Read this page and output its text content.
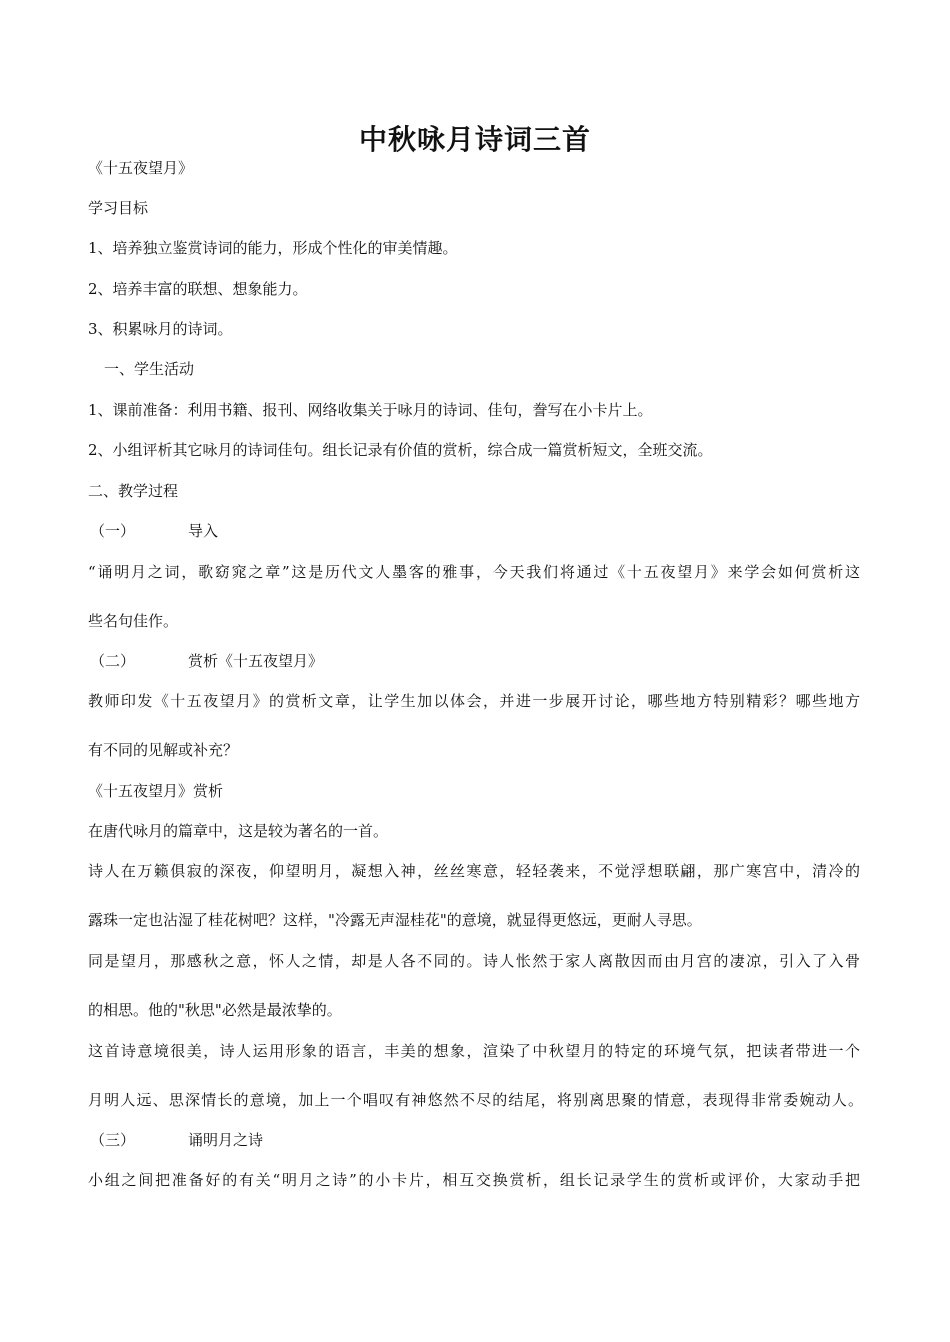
中秋咏月诗词三首
《十五夜望月》
学习目标
1、培养独立鉴赏诗词的能力，形成个性化的审美情趣。
2、培养丰富的联想、想象能力。
3、积累咏月的诗词。
一、学生活动
1、课前准备：利用书籍、报刊、网络收集关于咏月的诗词、佳句，誊写在小卡片上。
2、小组评析其它咏月的诗词佳句。组长记录有价值的赏析，综合成一篇赏析短文，全班交流。
二、教学过程
（一）	导入
“诵明月之词，歌窈窕之章”这是历代文人墨客的雅事，今天我们将通过《十五夜望月》来学会如何赏析这
些名句佳作。
（二）	赏析《十五夜望月》
教师印发《十五夜望月》的赏析文章，让学生加以体会，并进一步展开讨论，哪些地方特别精彩？哪些地方
有不同的见解或补充？
《十五夜望月》赏析
在唐代咏月的篇章中，这是较为著名的一首。
诗人在万籁俱寂的深夜，仰望明月，凝想入神，丝丝寒意，轻轻袭来，不觉浮想联翩，那广寒宫中，清冷的
露珠一定也沾湿了桂花树吧？这样，"冷露无声湿桂花"的意境，就显得更悠远，更耐人寻思。
同是望月，那感秋之意，怀人之情，却是人各不同的。诗人怅然于家人离散因而由月宫的凄凉，引入了入骨
的相思。他的"秋思"必然是最浓挚的。
这首诗意境很美，诗人运用形象的语言，丰美的想象，渲染了中秋望月的特定的环境气氛，把读者带进一个
月明人远、思深情长的意境，加上一个唱叹有神悠然不尽的结尾，将别离思聚的情意，表现得非常委婉动人。
（三）	诵明月之诗
小组之间把准备好的有关“明月之诗”的小卡片，相互交换赏析，组长记录学生的赏析或评价，大家动手把
